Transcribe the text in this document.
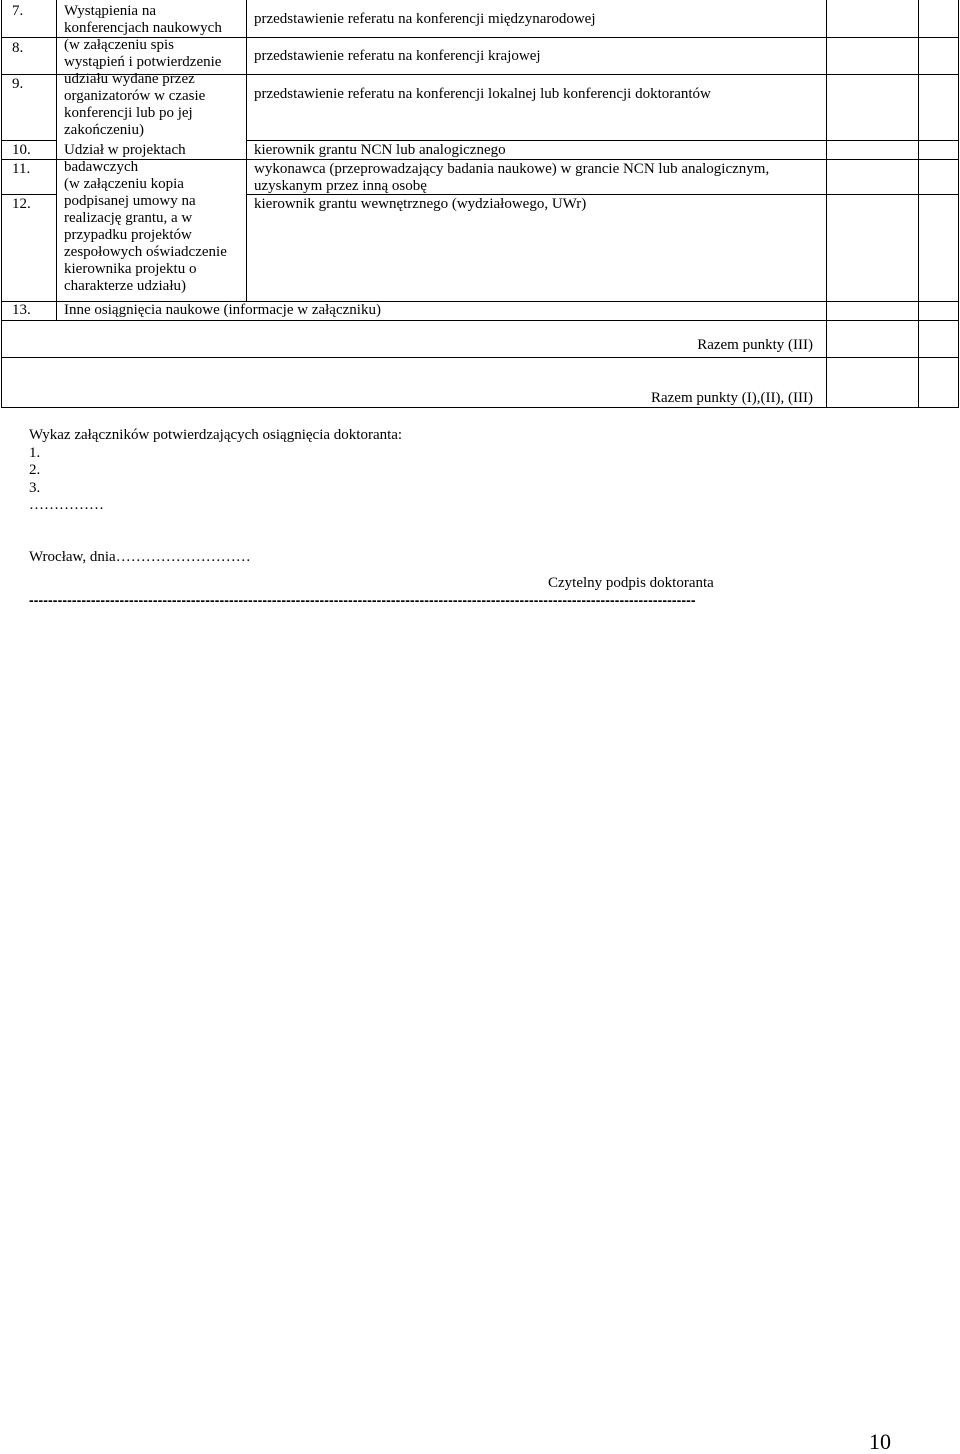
7.
8.
9.
10.
11.
12.
13.
Wystąpienia na
konferencjach naukowych
(w załączeniu spis
wystąpień i potwierdzenie
udziału wydane przez
organizatorów w czasie
konferencji lub po jej
zakończeniu)
Udział w projektach
badawczych
(w załączeniu kopia
podpisanej umowy na
realizację grantu, a w
przypadku projektów
zespołowych oświadczenie
kierownika projektu o
charakterze udziału)
przedstawienie referatu na konferencji międzynarodowej
przedstawienie referatu na konferencji krajowej
przedstawienie referatu na konferencji lokalnej lub konferencji doktorantów
kierownik grantu NCN lub analogicznego
wykonawca (przeprowadzający badania naukowe) w grancie NCN lub analogicznym,
uzyskanym przez inną osobę
kierownik grantu wewnętrznego (wydziałowego, UWr)
Inne osiągnięcia naukowe (informacje w załączniku)
Razem punkty (III)
Razem punkty (I),(II), (III)
Wykaz załączników potwierdzających osiągnięcia doktoranta:
1.
2.
3.
……………
Wrocław, dnia………………………
Czytelny podpis doktoranta
--------------------------------------------------------------------------------------------------------------------------------------------
10
